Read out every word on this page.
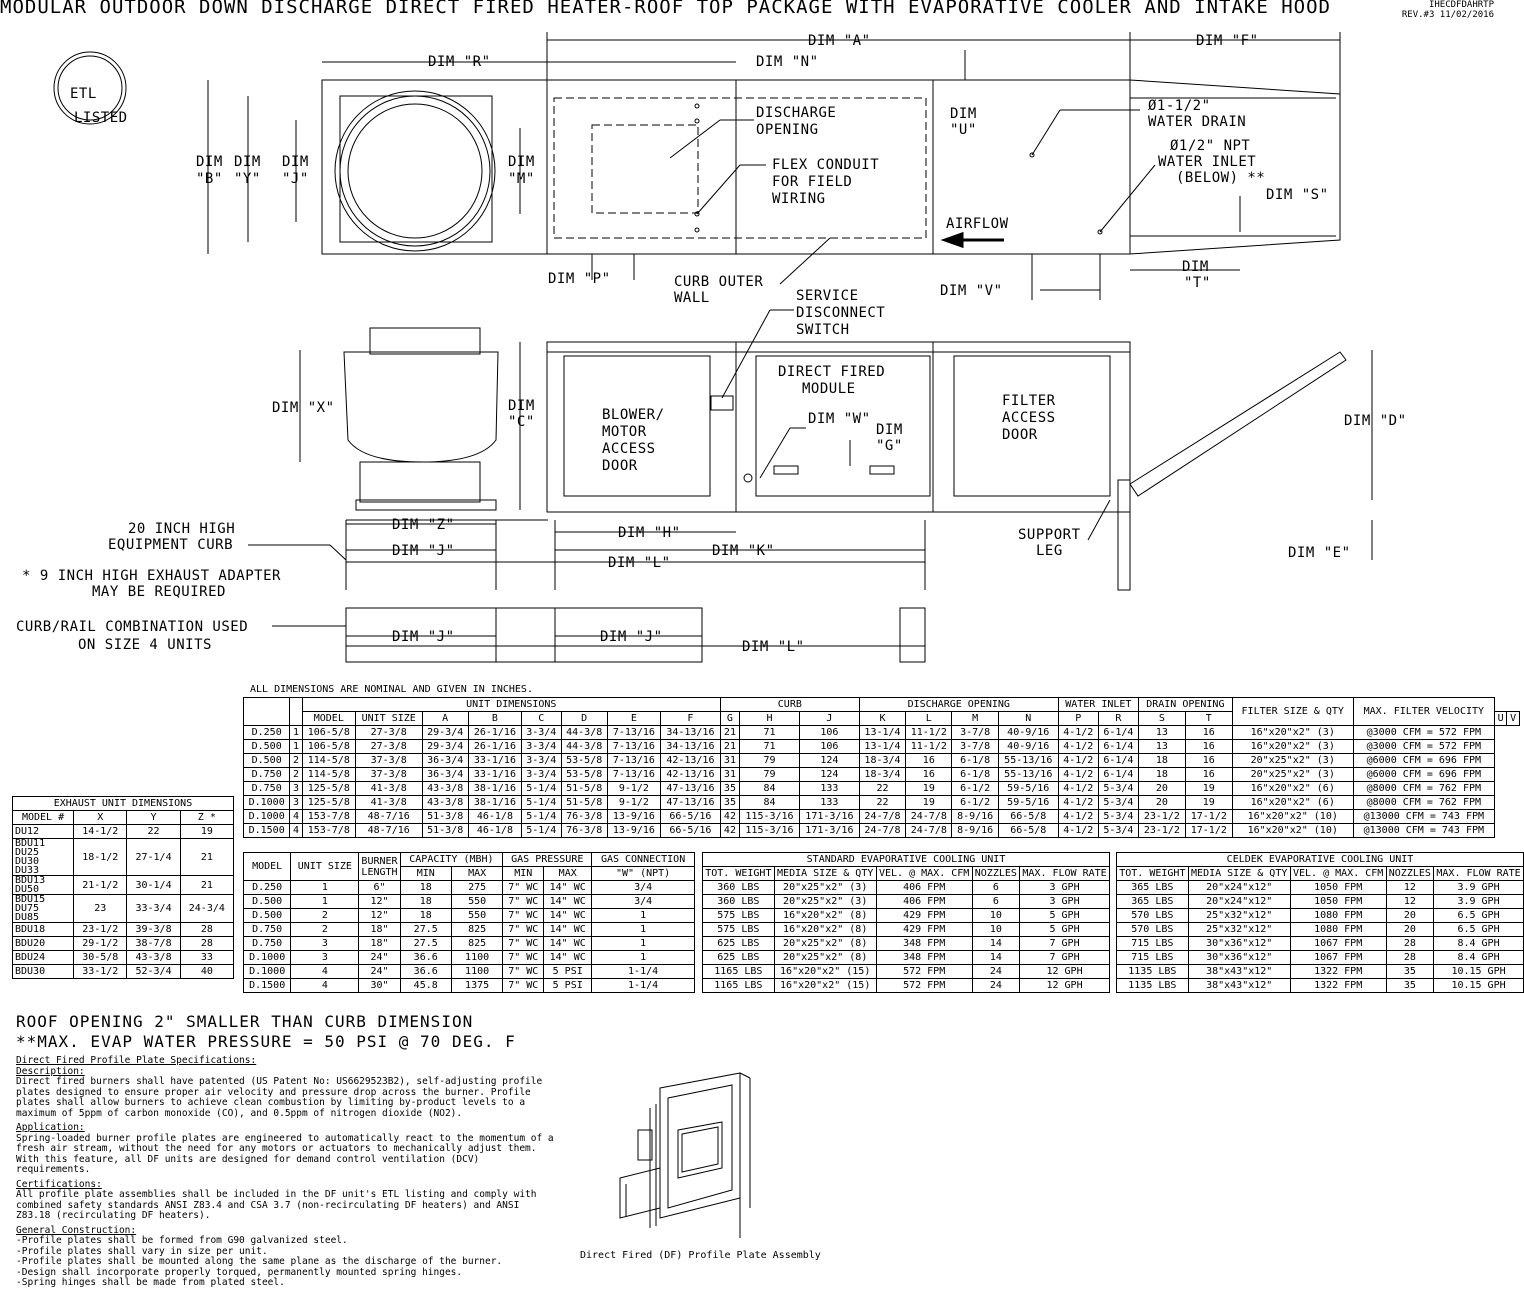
MODULAR OUTDOOR DOWN DISCHARGE DIRECT FIRED HEATER-ROOF TOP PACKAGE WITH EVAPORATIVE COOLER AND INTAKE HOOD	IHECDFDAHRTP
REV.#3 11/02/2016
ETL
LISTED
DIM "A"	DIM "F"
DIM "R"	DIM "N"
DIM
"B"
DIM
"Y"
DIM
"J"
DIM
"M"
DIM
"U"
DISCHARGE
OPENING
FLEX CONDUIT
FOR FIELD
WIRING
Ø1-1/2"
WATER DRAIN
Ø1/2" NPT
WATER INLET
(BELOW) **
DIM "S"
AIRFLOW
DIM "P"	CURB OUTER
WALL	DIM "V"
DIM
"T"
SERVICE
DISCONNECT
SWITCH
DIM "X"	DIM
"C"	BLOWER/
MOTOR
ACCESS
DOOR
DIRECT FIRED
MODULE
DIM "W"
DIM
"G"
FILTER
ACCESS
DOOR
DIM "D"
DIM "Z"	DIM "H"	SUPPORT
LEG	DIM "E"
20 INCH HIGH
EQUIPMENT CURB	DIM "J"	DIM "K"
DIM "L"
* 9 INCH HIGH EXHAUST ADAPTER
MAY BE REQUIRED
CURB/RAIL COMBINATION USED
ON SIZE 4 UNITS	DIM "J"	DIM "J"
DIM "L"
ALL DIMENSIONS ARE NOMINAL AND GIVEN IN INCHES.
		UNIT DIMENSIONS								CURB			DISCHARGE OPENING				WATER INLET		DRAIN OPENING		FILTER SIZE & QTY	MAX. FILTER VELOCITY		
		MODEL	UNIT SIZE	A	B	C	D	E	F	G	H	J	K	L	M	N	P	R	S	T			U	V
D.250	1	106-5/8	27-3/8	29-3/4	26-1/16	3-3/4	44-3/8	7-13/16	34-13/16	21	71	106	13-1/4	11-1/2	3-7/8	40-9/16	4-1/2	6-1/4	13	16	16"x20"x2" (3)	@3000 CFM = 572 FPM		
D.500	1	106-5/8	27-3/8	29-3/4	26-1/16	3-3/4	44-3/8	7-13/16	34-13/16	21	71	106	13-1/4	11-1/2	3-7/8	40-9/16	4-1/2	6-1/4	13	16	16"x20"x2" (3)	@3000 CFM = 572 FPM		
D.500	2	114-5/8	37-3/8	36-3/4	33-1/16	3-3/4	53-5/8	7-13/16	42-13/16	31	79	124	18-3/4	16	6-1/8	55-13/16	4-1/2	6-1/4	18	16	20"x25"x2" (3)	@6000 CFM = 696 FPM		
D.750	2	114-5/8	37-3/8	36-3/4	33-1/16	3-3/4	53-5/8	7-13/16	42-13/16	31	79	124	18-3/4	16	6-1/8	55-13/16	4-1/2	6-1/4	18	16	20"x25"x2" (3)	@6000 CFM = 696 FPM		
D.750	3	125-5/8	41-3/8	43-3/8	38-1/16	5-1/4	51-5/8	9-1/2	47-13/16	35	84	133	22	19	6-1/2	59-5/16	4-1/2	5-3/4	20	19	16"x20"x2" (6)	@8000 CFM = 762 FPM		
D.1000	3	125-5/8	41-3/8	43-3/8	38-1/16	5-1/4	51-5/8	9-1/2	47-13/16	35	84	133	22	19	6-1/2	59-5/16	4-1/2	5-3/4	20	19	16"x20"x2" (6)	@8000 CFM = 762 FPM		
D.1000	4	153-7/8	48-7/16	51-3/8	46-1/8	5-1/4	76-3/8	13-9/16	66-5/16	42	115-3/16	171-3/16	24-7/8	24-7/8	8-9/16	66-5/8	4-1/2	5-3/4	23-1/2	17-1/2	16"x20"x2" (10)	@13000 CFM = 743 FPM		
D.1500	4	153-7/8	48-7/16	51-3/8	46-1/8	5-1/4	76-3/8	13-9/16	66-5/16	42	115-3/16	171-3/16	24-7/8	24-7/8	8-9/16	66-5/8	4-1/2	5-3/4	23-1/2	17-1/2	16"x20"x2" (10)	@13000 CFM = 743 FPM		
EXHAUST UNIT DIMENSIONS			
MODEL #	X	Y	Z *

DU12	14-1/2	22	19

BDU11
DU25
DU30
DU33	18-1/2	27-1/4	21

BDU13
DU50	21-1/2	30-1/4	21

BDU15
DU75
DU85	23	33-3/4	24-3/4

BDU18	23-1/2	39-3/8	28

BDU20	29-1/2	38-7/8	28

BDU24	30-5/8	43-3/8	33

BDU30	33-1/2	52-3/4	40
MODEL	UNIT SIZE	BURNER LENGTH	CAPACITY (MBH)		GAS PRESSURE		GAS CONNECTION
			MIN	MAX	MIN	MAX	"W" (NPT)
D.250	1	6"	18	275	7" WC	14" WC	3/4
D.500	1	12"	18	550	7" WC	14" WC	3/4
D.500	2	12"	18	550	7" WC	14" WC	1
D.750	2	18"	27.5	825	7" WC	14" WC	1
D.750	3	18"	27.5	825	7" WC	14" WC	1
D.1000	3	24"	36.6	1100	7" WC	14" WC	1
D.1000	4	24"	36.6	1100	7" WC	5 PSI	1-1/4
D.1500	4	30"	45.8	1375	7" WC	5 PSI	1-1/4
STANDARD EVAPORATIVE COOLING UNIT				
TOT. WEIGHT	MEDIA SIZE & QTY	VEL. @ MAX. CFM	NOZZLES	MAX. FLOW RATE
360 LBS	20"x25"x2" (3)	406 FPM	6	3 GPH
360 LBS	20"x25"x2" (3)	406 FPM	6	3 GPH
575 LBS	16"x20"x2" (8)	429 FPM	10	5 GPH
575 LBS	16"x20"x2" (8)	429 FPM	10	5 GPH
625 LBS	20"x25"x2" (8)	348 FPM	14	7 GPH
625 LBS	20"x25"x2" (8)	348 FPM	14	7 GPH
1165 LBS	16"x20"x2" (15)	572 FPM	24	12 GPH
1165 LBS	16"x20"x2" (15)	572 FPM	24	12 GPH
CELDEK EVAPORATIVE COOLING UNIT				
TOT. WEIGHT	MEDIA SIZE & QTY	VEL. @ MAX. CFM	NOZZLES	MAX. FLOW RATE
365 LBS	20"x24"x12"	1050 FPM	12	3.9 GPH
365 LBS	20"x24"x12"	1050 FPM	12	3.9 GPH
570 LBS	25"x32"x12"	1080 FPM	20	6.5 GPH
570 LBS	25"x32"x12"	1080 FPM	20	6.5 GPH
715 LBS	30"x36"x12"	1067 FPM	28	8.4 GPH
715 LBS	30"x36"x12"	1067 FPM	28	8.4 GPH
1135 LBS	38"x43"x12"	1322 FPM	35	10.15 GPH
1135 LBS	38"x43"x12"	1322 FPM	35	10.15 GPH
ROOF OPENING 2" SMALLER THAN CURB DIMENSION
**MAX. EVAP WATER PRESSURE = 50 PSI @ 70 DEG. F

Direct Fired Profile Plate Specifications:

Description:

Direct fired burners shall have patented (US Patent No: US6629523B2), self-adjusting profile plates designed to ensure proper air velocity and pressure drop across the burner. Profile plates shall allow burners to achieve clean combustion by limiting by-product levels to a maximum of 5ppm of carbon monoxide (CO), and 0.5ppm of nitrogen dioxide (NO2).

Application:

Spring-loaded burner profile plates are engineered to automatically react to the momentum of a fresh air stream, without the need for any motors or actuators to mechanically adjust them. With this feature, all DF units are designed for demand control ventilation (DCV) requirements.

Certifications:

All profile plate assemblies shall be included in the DF unit's ETL listing and comply with combined safety standards ANSI Z83.4 and CSA 3.7 (non-recirculating DF heaters) and ANSI Z83.18 (recirculating DF heaters).

General Construction:

-Profile plates shall be formed from G90 galvanized steel.

-Profile plates shall vary in size per unit.

-Profile plates shall be mounted along the same plane as the discharge of the burner.

-Design shall incorporate properly torqued, permanently mounted spring hinges.

-Spring hinges shall be made from plated steel.

Direct Fired (DF) Profile Plate Assembly
